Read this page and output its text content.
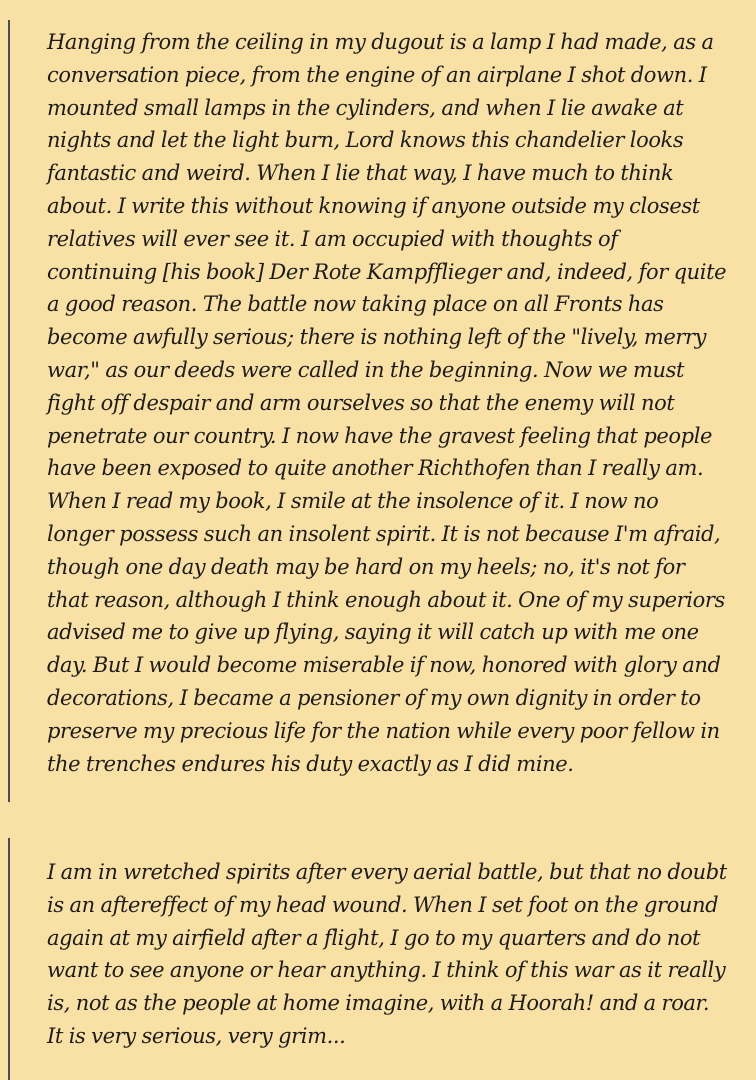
Hanging from the ceiling in my dugout is a lamp I had made, as a conversation piece, from the engine of an airplane I shot down. I mounted small lamps in the cylinders, and when I lie awake at nights and let the light burn, Lord knows this chandelier looks fantastic and weird. When I lie that way, I have much to think about. I write this without knowing if anyone outside my closest relatives will ever see it. I am occupied with thoughts of continuing [his book] Der Rote Kampfflieger and, indeed, for quite a good reason. The battle now taking place on all Fronts has become awfully serious; there is nothing left of the "lively, merry war," as our deeds were called in the beginning. Now we must fight off despair and arm ourselves so that the enemy will not penetrate our country. I now have the gravest feeling that people have been exposed to quite another Richthofen than I really am. When I read my book, I smile at the insolence of it. I now no longer possess such an insolent spirit. It is not because I'm afraid, though one day death may be hard on my heels; no, it's not for that reason, although I think enough about it. One of my superiors advised me to give up flying, saying it will catch up with me one day. But I would become miserable if now, honored with glory and decorations, I became a pensioner of my own dignity in order to preserve my precious life for the nation while every poor fellow in the trenches endures his duty exactly as I did mine.

I am in wretched spirits after every aerial battle, but that no doubt is an aftereffect of my head wound. When I set foot on the ground again at my airfield after a flight, I go to my quarters and do not want to see anyone or hear anything. I think of this war as it really is, not as the people at home imagine, with a Hoorah! and a roar. It is very serious, very grim...
